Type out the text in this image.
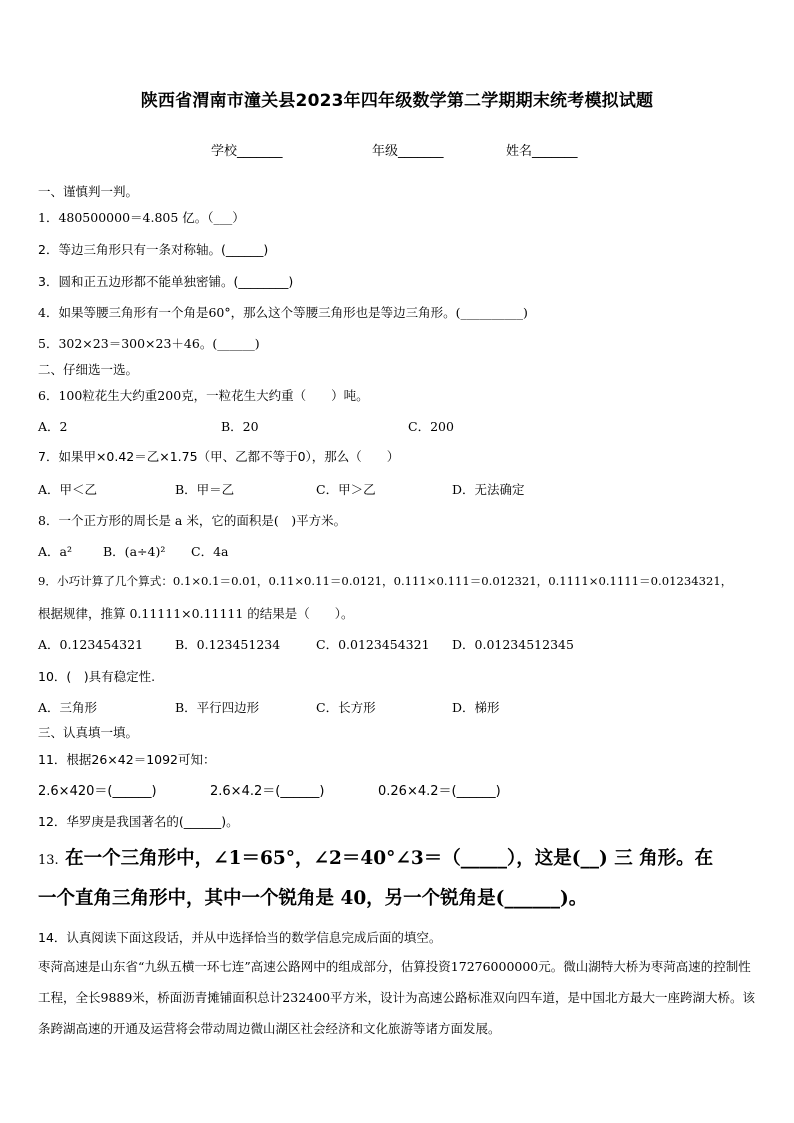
陕西省渭南市潼关县2023年四年级数学第二学期期末统考模拟试题
学校_______	年级_______	姓名_______
一、谨慎判一判。
1．480500000＝4.805 亿。（___）
2．等边三角形只有一条对称轴。(______)
3．圆和正五边形都不能单独密铺。(________)
4．如果等腰三角形有一个角是60°，那么这个等腰三角形也是等边三角形。(__________)
5．302×23＝300×23＋46。(______)
二、仔细选一选。
6．100粒花生大约重200克，一粒花生大约重（　　）吨。
A．2	B．20	C．200
7．如果甲×0.42＝乙×1.75（甲、乙都不等于0），那么（　　）
A．甲＜乙	B．甲＝乙	C．甲＞乙	D．无法确定
8．一个正方形的周长是 a 米，它的面积是(　)平方米。
A．a² B．(a÷4)² C．4a
9．小巧计算了几个算式：0.1×0.1＝0.01，0.11×0.11＝0.0121，0.111×0.111＝0.012321，0.1111×0.1111＝0.01234321，
根据规律，推算 0.11111×0.11111 的结果是（　　）。
A．0.123454321	B．0.123451234	C．0.0123454321 D．0.01234512345
10．(　)具有稳定性.
A．三角形	B．平行四边形	C．长方形	D．梯形
三、认真填一填。
11．根据26×42＝1092可知：
2.6×420＝(______)	2.6×4.2＝(______)	0.26×4.2＝(______)
12．华罗庚是我国著名的(______)。
13. 在一个三角形中，∠1＝65°，∠2＝40°∠3＝（_____），这是(__) 三 角形。在
一个直角三角形中，其中一个锐角是 40，另一个锐角是(______)。
14．认真阅读下面这段话，并从中选择恰当的数学信息完成后面的填空。
枣菏高速是山东省“九纵五横一环七连”高速公路网中的组成部分，估算投资17276000000元。微山湖特大桥为枣菏高速的控制性工程，全长9889米，桥面沥青摊铺面积总计232400平方米，设计为高速公路标准双向四车道，是中国北方最大一座跨湖大桥。该条跨湖高速的开通及运营将会带动周边微山湖区社会经济和文化旅游等诸方面发展。
